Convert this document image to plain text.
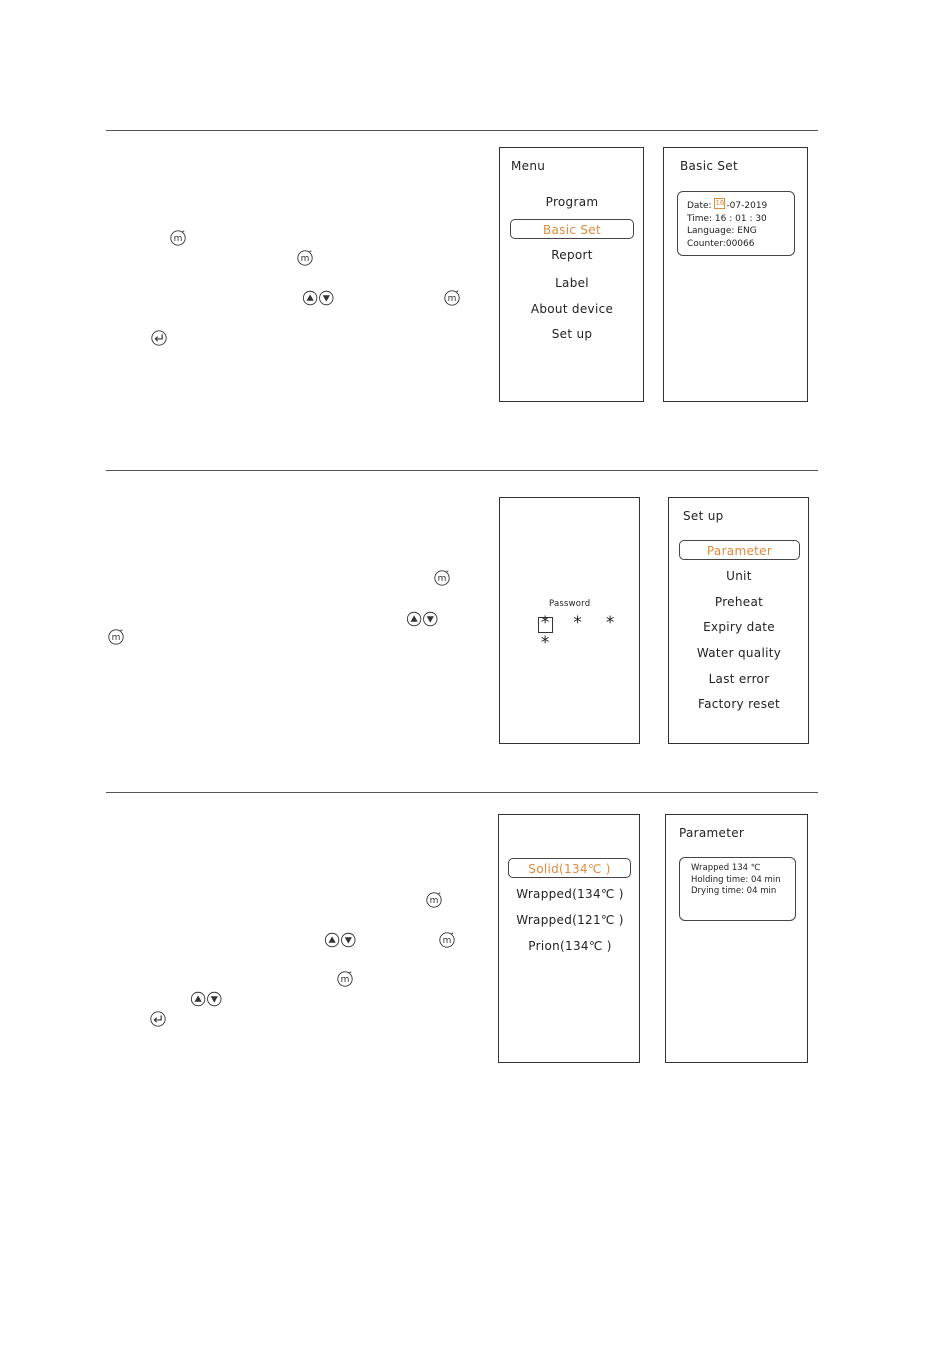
m
m
m
Menu
Program
Basic Set
Report
Label
About device
Set up
Basic Set
Date: 16 -07-2019
Time: 16 : 01 : 30
Language: ENG
Counter:00066
m
m
Password
* * * *
Set up
Parameter
Unit
Preheat
Expiry date
Water quality
Last error
Factory reset
m
m
m
Solid(134℃ )
Wrapped(134℃ )
Wrapped(121℃ )
Prion(134℃ )
Parameter
Wrapped 134 ℃
Holding time: 04 min
Drying time: 04 min
